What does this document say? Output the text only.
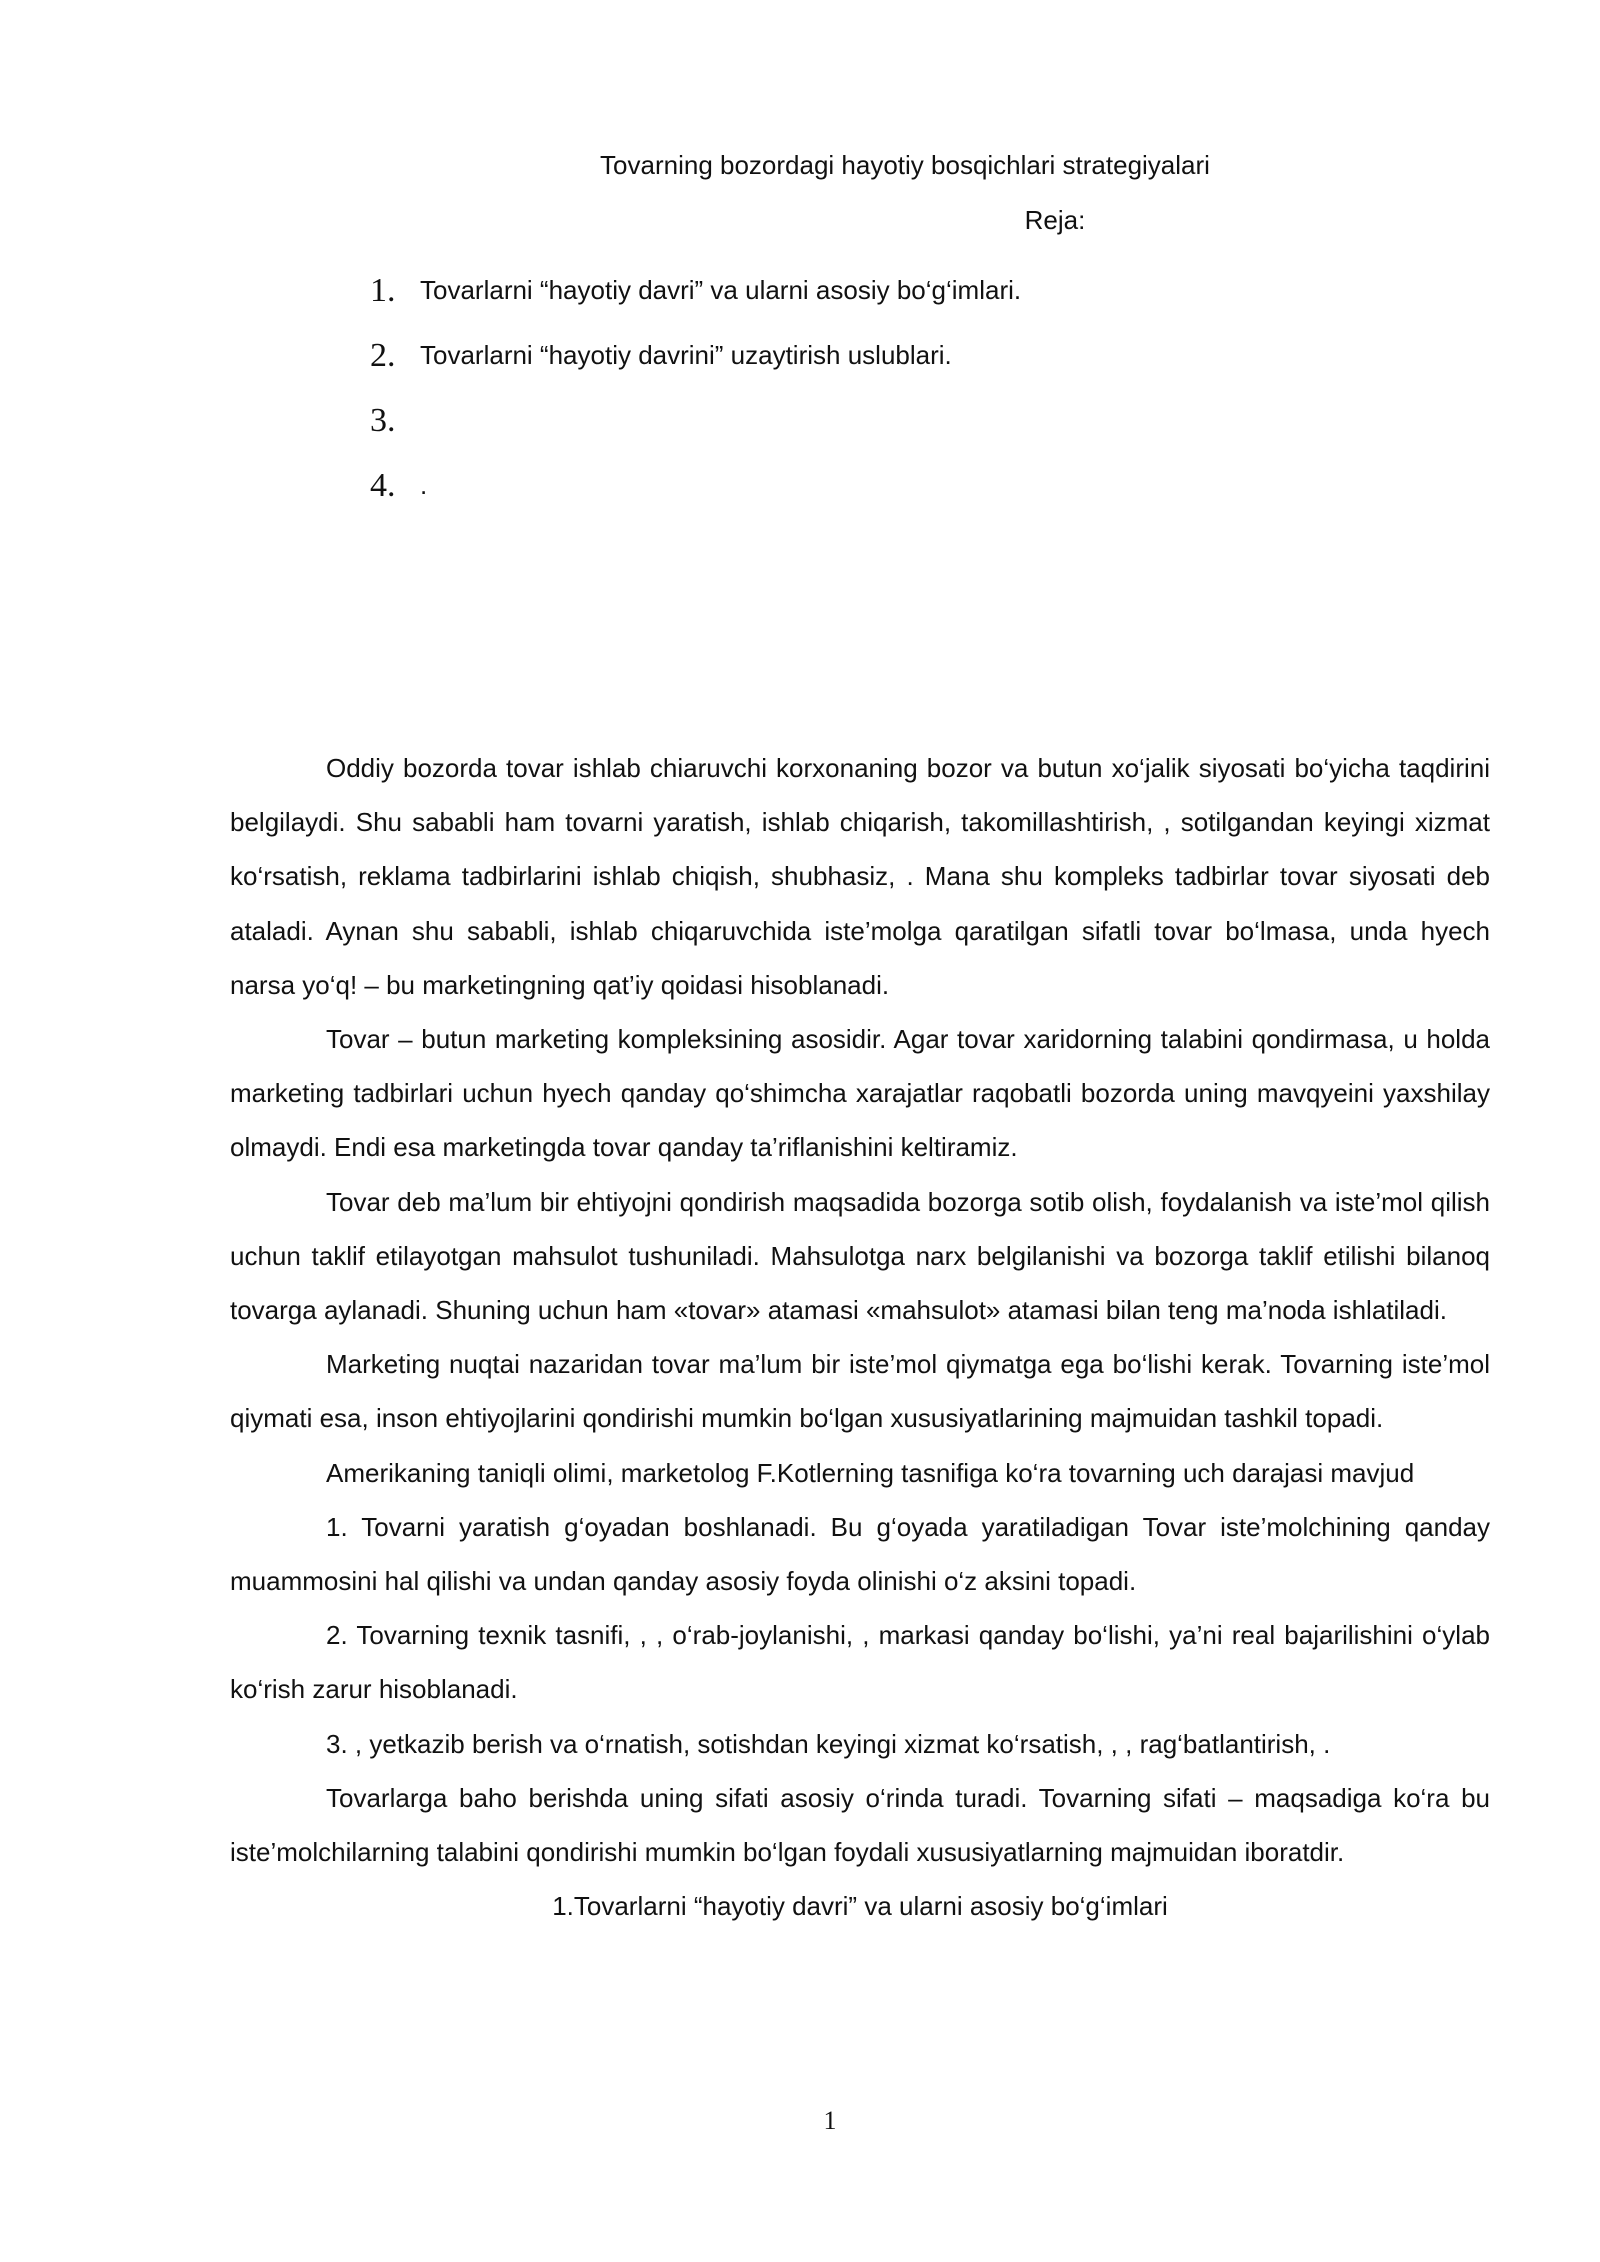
Tovarning bozordagi hayotiy bosqichlari strategiyalari
Reja:
1. Tovarlarni “hayotiy davri” va ularni asosiy bo‘g‘imlari.
2. Tovarlarni “hayotiy davrini” uzaytirish uslublari.
3.
4. .

Oddiy bozorda tovar ishlab chiaruvchi korxonaning bozor va butun xo‘jalik siyosati bo‘yicha taqdirini belgilaydi. Shu sababli ham tovarni yaratish, ishlab chiqarish, takomillashtirish, , sotilgandan keyingi xizmat ko‘rsatish, reklama tadbirlarini ishlab chiqish, shubhasiz, . Mana shu kompleks tadbirlar tovar siyosati deb ataladi. Aynan shu sababli, ishlab chiqaruvchida iste’molga qaratilgan sifatli tovar bo‘lmasa, unda hyech narsa yo‘q! – bu marketingning qat’iy qoidasi hisoblanadi.

Tovar – butun marketing kompleksining asosidir. Agar tovar xaridorning talabini qondirmasa, u holda marketing tadbirlari uchun hyech qanday qo‘shimcha xarajatlar raqobatli bozorda uning mavqyeini yaxshilay olmaydi. Endi esa marketingda tovar qanday ta’riflanishini keltiramiz.

Tovar deb ma’lum bir ehtiyojni qondirish maqsadida bozorga sotib olish, foydalanish va iste’mol qilish uchun taklif etilayotgan mahsulot tushuniladi. Mahsulotga narx belgilanishi va bozorga taklif etilishi bilanoq tovarga aylanadi. Shuning uchun ham «tovar» atamasi «mahsulot» atamasi bilan teng ma’noda ishlatiladi.

Marketing nuqtai nazaridan tovar ma’lum bir iste’mol qiymatga ega bo‘lishi kerak. Tovarning iste’mol qiymati esa, inson ehtiyojlarini qondirishi mumkin bo‘lgan xususiyatlarining majmuidan tashkil topadi.

Amerikaning taniqli olimi, marketolog F.Kotlerning tasnifiga ko‘ra tovarning uch darajasi mavjud

1. Tovarni yaratish g‘oyadan boshlanadi. Bu g‘oyada yaratiladigan Tovar iste’molchining qanday muammosini hal qilishi va undan qanday asosiy foyda olinishi o‘z aksini topadi.

2. Tovarning texnik tasnifi, , , o‘rab-joylanishi, , markasi qanday bo‘lishi, ya’ni real bajarilishini o‘ylab ko‘rish zarur hisoblanadi.

3. , yetkazib berish va o‘rnatish, sotishdan keyingi xizmat ko‘rsatish, , , rag‘batlantirish, .

Tovarlarga baho berishda uning sifati asosiy o‘rinda turadi. Tovarning sifati – maqsadiga ko‘ra bu iste’molchilarning talabini qondirishi mumkin bo‘lgan foydali xususiyatlarning majmuidan iboratdir.

1.Tovarlarni “hayotiy davri” va ularni asosiy bo‘g‘imlari

1
